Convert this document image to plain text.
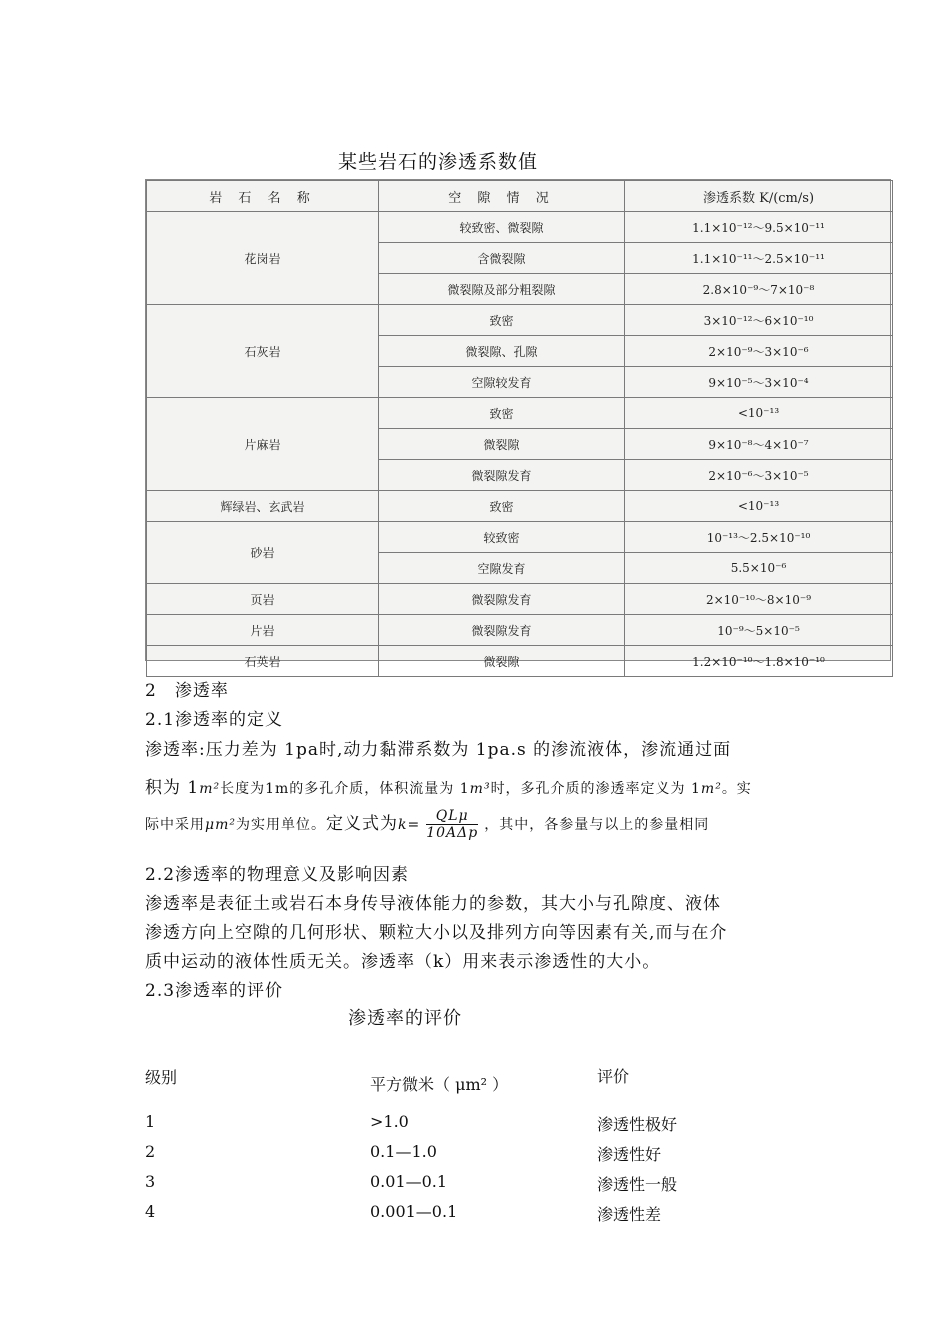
某些岩石的渗透系数值
岩 石 名 称	空 隙 情 况	渗透系数 K/(cm/s)
花岗岩	较致密、微裂隙	1.1×10⁻¹²～9.5×10⁻¹¹
	含微裂隙	1.1×10⁻¹¹～2.5×10⁻¹¹
	微裂隙及部分粗裂隙	2.8×10⁻⁹～7×10⁻⁸
石灰岩	致密	3×10⁻¹²～6×10⁻¹⁰
	微裂隙、孔隙	2×10⁻⁹～3×10⁻⁶
	空隙较发育	9×10⁻⁵～3×10⁻⁴
片麻岩	致密	<10⁻¹³
	微裂隙	9×10⁻⁸～4×10⁻⁷
	微裂隙发育	2×10⁻⁶～3×10⁻⁵
辉绿岩、玄武岩	致密	<10⁻¹³
砂岩	较致密	10⁻¹³～2.5×10⁻¹⁰
	空隙发育	5.5×10⁻⁶
页岩	微裂隙发育	2×10⁻¹⁰～8×10⁻⁹
片岩	微裂隙发育	10⁻⁹～5×10⁻⁵
石英岩	微裂隙	1.2×10⁻¹⁰～1.8×10⁻¹⁰
2　渗透率
2.1渗透率的定义
渗透率:压力差为 1pa时,动力黏滞系数为 1pa.s 的渗流液体，渗流通过面
积为 1m²长度为1m的多孔介质，体积流量为 1m³时，多孔介质的渗透率定义为 1m²。实
际中采用μm²为实用单位。定义式为$k= \frac{\text{QLμ}}{\text{10AΔp}}$ ，其中，各参量与以上的参量相同
2.2渗透率的物理意义及影响因素
渗透率是表征土或岩石本身传导液体能力的参数，其大小与孔隙度、液体
渗透方向上空隙的几何形状、颗粒大小以及排列方向等因素有关,而与在介
质中运动的液体性质无关。渗透率（k）用来表示渗透性的大小。
2.3渗透率的评价
渗透率的评价
级别	平方微米（ μm² ）	评价
1	>1.0	渗透性极好
2	0.1—1.0	渗透性好
3	0.01—0.1	渗透性一般
4	0.001—0.1	渗透性差
